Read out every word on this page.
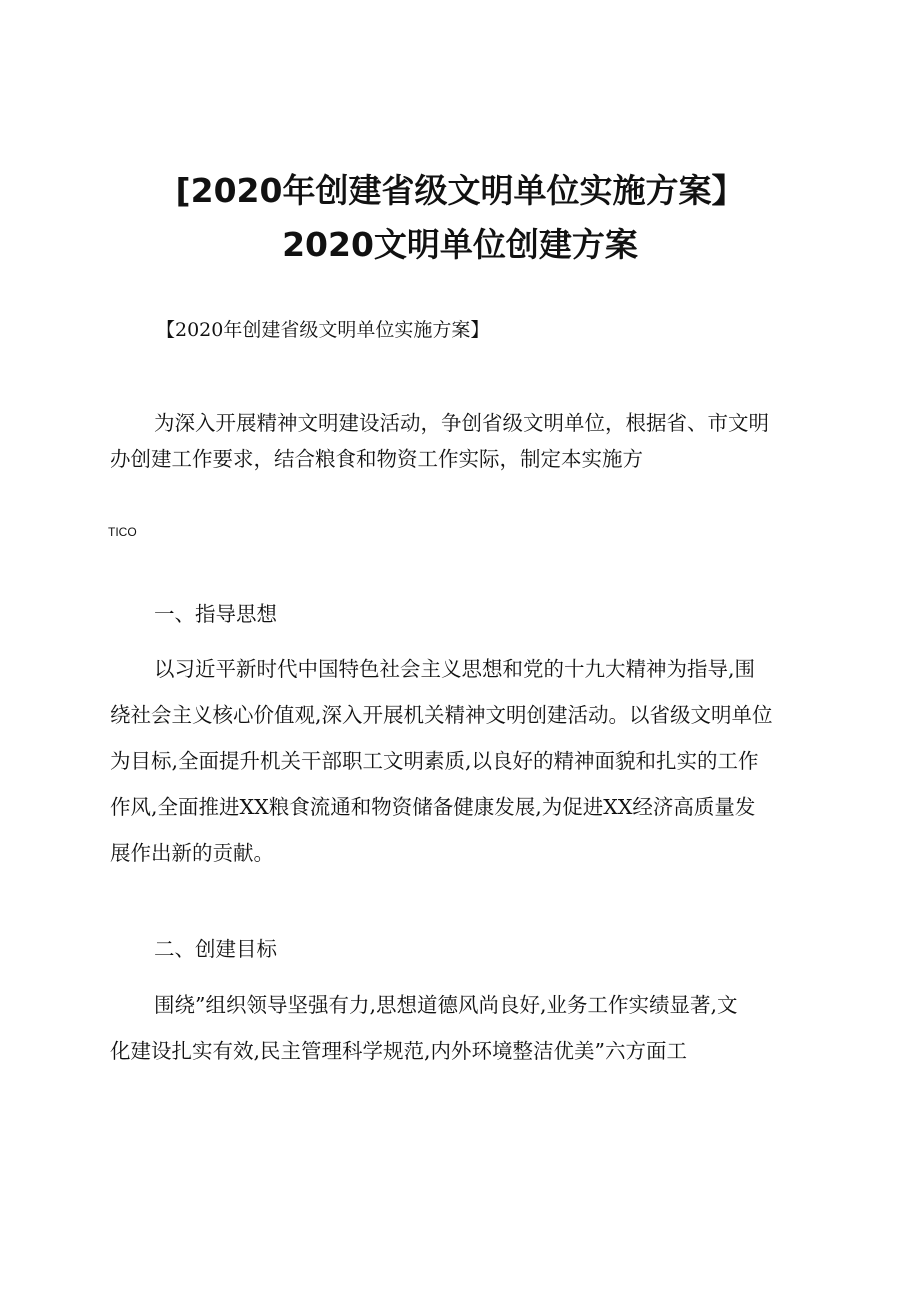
[2020年创建省级文明单位实施方案】
2020文明单位创建方案
【2020年创建省级文明单位实施方案】
为深入开展精神文明建设活动，争创省级文明单位，根据省、市文明
办创建工作要求，结合粮食和物资工作实际，制定本实施方
TICO
一、指导思想
以习近平新时代中国特色社会主义思想和党的十九大精神为指导,围
绕社会主义核心价值观,深入开展机关精神文明创建活动。以省级文明单位
为目标,全面提升机关干部职工文明素质,以良好的精神面貌和扎实的工作
作风,全面推进XX粮食流通和物资储备健康发展,为促进XX经济高质量发
展作出新的贡献。
二、创建目标
围绕”组织领导坚强有力,思想道德风尚良好,业务工作实绩显著,文
化建设扎实有效,民主管理科学规范,内外环境整洁优美”六方面工
